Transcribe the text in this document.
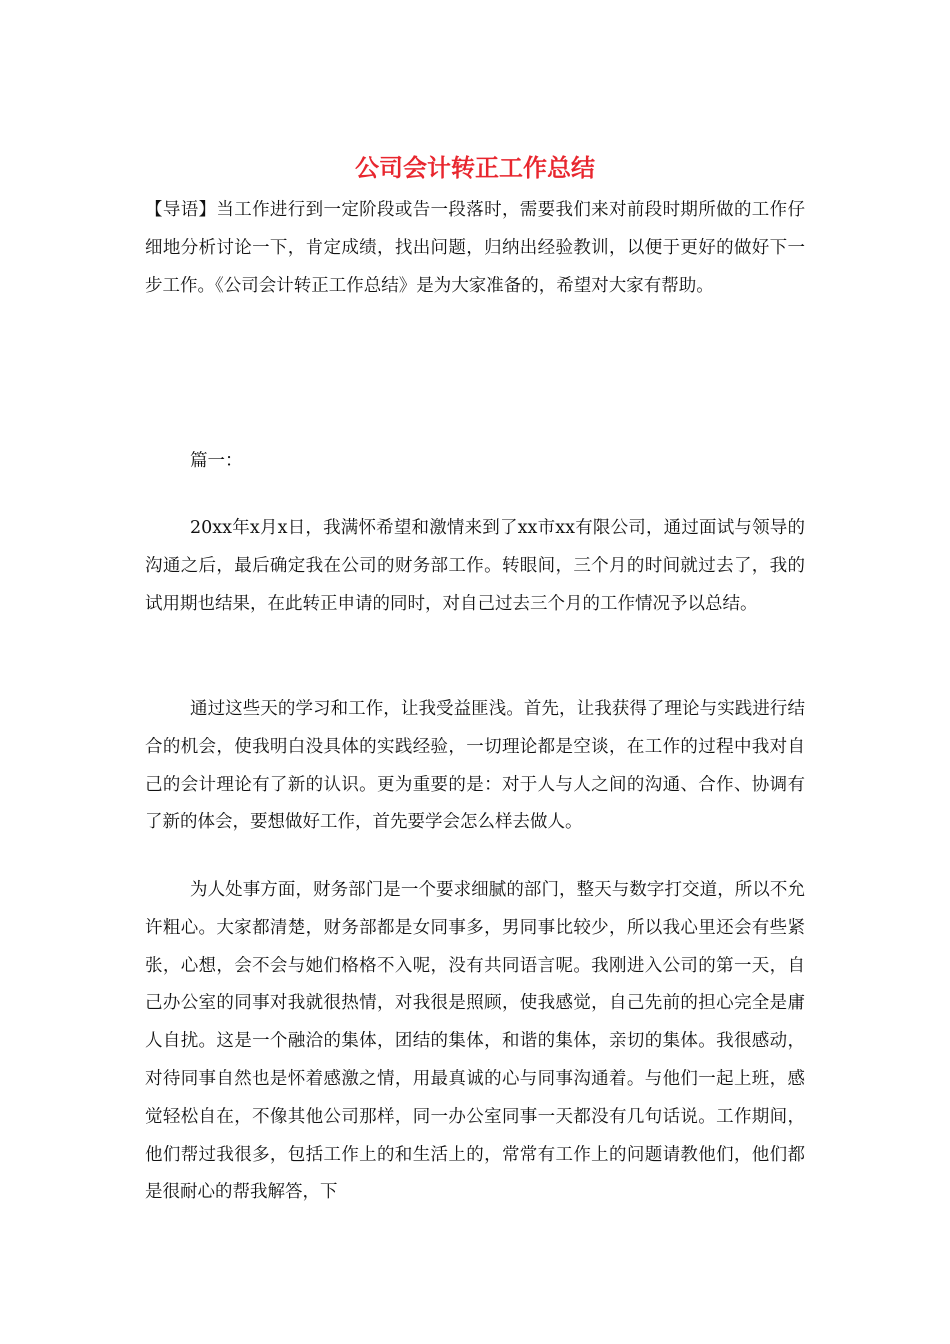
公司会计转正工作总结

【导语】当工作进行到一定阶段或告一段落时，需要我们来对前段时期所做的工作仔细地分析讨论一下，肯定成绩，找出问题，归纳出经验教训，以便于更好的做好下一步工作。《公司会计转正工作总结》是为大家准备的，希望对大家有帮助。

篇一：

20xx年x月x日，我满怀希望和激情来到了xx市xx有限公司，通过面试与领导的沟通之后，最后确定我在公司的财务部工作。转眼间，三个月的时间就过去了，我的试用期也结果，在此转正申请的同时，对自己过去三个月的工作情况予以总结。

通过这些天的学习和工作，让我受益匪浅。首先，让我获得了理论与实践进行结合的机会，使我明白没具体的实践经验，一切理论都是空谈，在工作的过程中我对自己的会计理论有了新的认识。更为重要的是：对于人与人之间的沟通、合作、协调有了新的体会，要想做好工作，首先要学会怎么样去做人。

为人处事方面，财务部门是一个要求细腻的部门，整天与数字打交道，所以不允许粗心。大家都清楚，财务部都是女同事多，男同事比较少，所以我心里还会有些紧张，心想，会不会与她们格格不入呢，没有共同语言呢。我刚进入公司的第一天，自己办公室的同事对我就很热情，对我很是照顾，使我感觉，自己先前的担心完全是庸人自扰。这是一个融洽的集体，团结的集体，和谐的集体，亲切的集体。我很感动，对待同事自然也是怀着感激之情，用最真诚的心与同事沟通着。与他们一起上班，感觉轻松自在，不像其他公司那样，同一办公室同事一天都没有几句话说。工作期间，他们帮过我很多，包括工作上的和生活上的，常常有工作上的问题请教他们，他们都是很耐心的帮我解答，下
